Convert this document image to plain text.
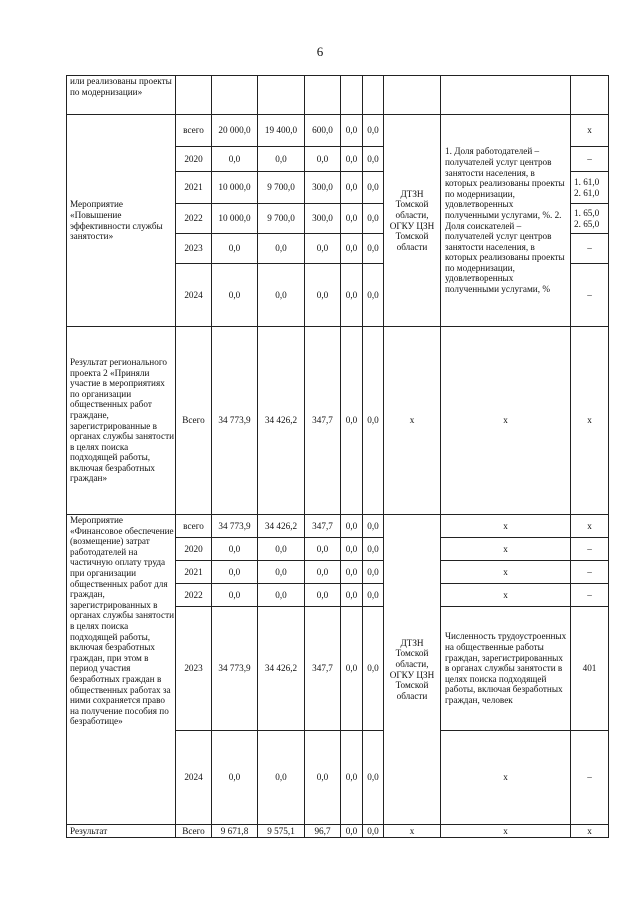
6
или реализованы проекты по модернизации»									
Мероприятие «Повышение эффективности службы занятости»	всего	20 000,0	19 400,0	600,0	0,0	0,0	ДТЗН Томской области, ОГКУ ЦЗН Томской области	1. Доля работодателей – получателей услуг центров занятости населения, в которых реализованы проекты по модернизации, удовлетворенных полученными услугами, %. 2. Доля соискателей – получателей услуг центров занятости населения, в которых реализованы проекты по модернизации, удовлетворенных полученными услугами, %	x

	2020	0,0	0,0	0,0	0,0	0,0			–

	2021	10 000,0	9 700,0	300,0	0,0	0,0			1. 61,0
2. 61,0

	2022	10 000,0	9 700,0	300,0	0,0	0,0			1. 65,0
2. 65,0

	2023	0,0	0,0	0,0	0,0	0,0			–

	2024	0,0	0,0	0,0	0,0	0,0			–

Результат регионального проекта 2 «Приняли участие в мероприятиях по организации общественных работ граждане, зарегистрированные в органах службы занятости в целях поиска подходящей работы, включая безработных граждан»	Всего	34 773,9	34 426,2	347,7	0,0	0,0	x	x	x
Мероприятие «Финансовое обеспечение (возмещение) затрат работодателей на частичную оплату труда при организации общественных работ для граждан, зарегистрированных в органах службы занятости в целях поиска подходящей работы, включая безработных граждан, при этом в период участия безработных граждан в общественных работах за ними сохраняется право на получение пособия по безработице»	всего	34 773,9	34 426,2	347,7	0,0	0,0	ДТЗН Томской области, ОГКУ ЦЗН Томской области	x	x
	2020	0,0	0,0	0,0	0,0	0,0		x	–
	2021	0,0	0,0	0,0	0,0	0,0		x	–
	2022	0,0	0,0	0,0	0,0	0,0		x	–
	2023	34 773,9	34 426,2	347,7	0,0	0,0		Численность трудоустроенных на общественные работы граждан, зарегистрированных в органах службы занятости в целях поиска подходящей работы, включая безработных граждан, человек	401
	2024	0,0	0,0	0,0	0,0	0,0		x	–
Результат	Всего	9 671,8	9 575,1	96,7	0,0	0,0	x	x	x
